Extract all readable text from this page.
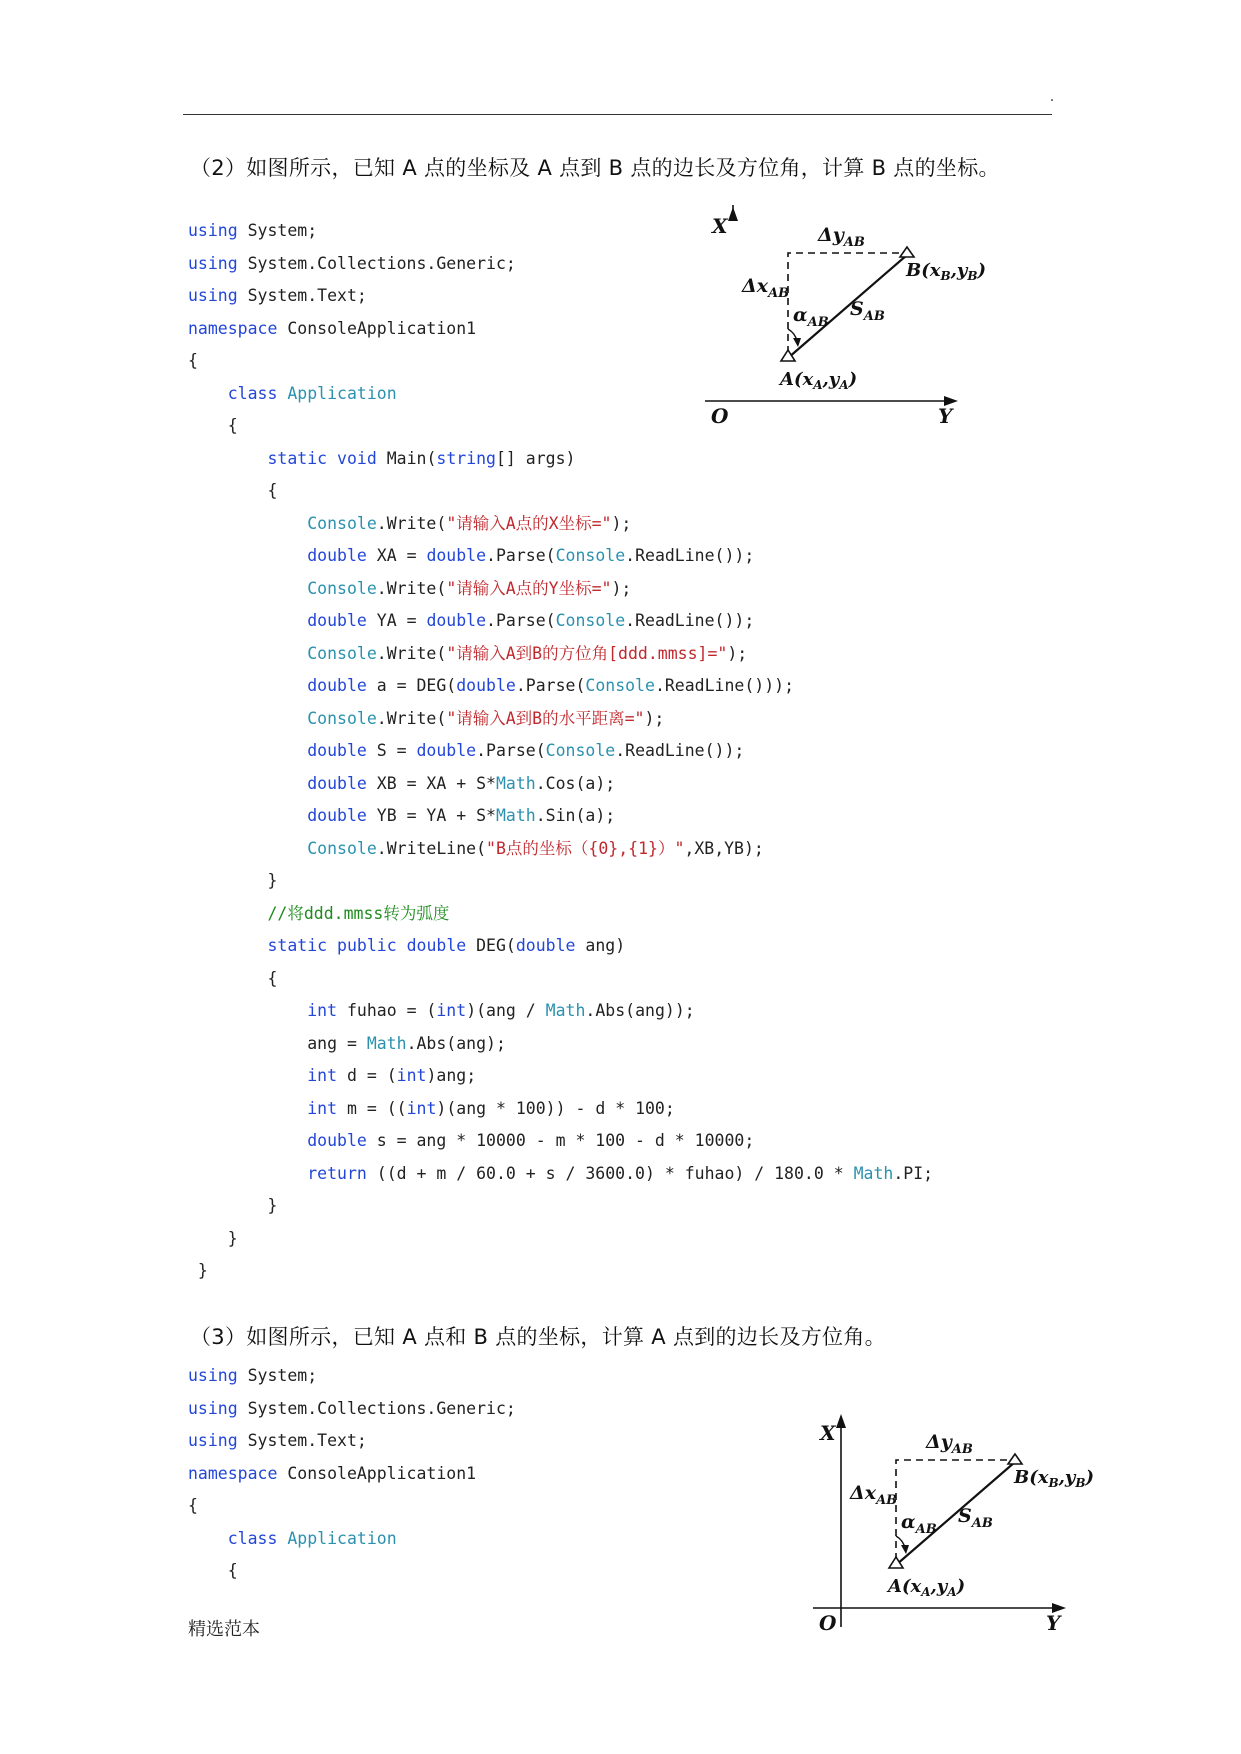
.
（2）如图所示，已知 A 点的坐标及 A 点到 B 点的边长及方位角，计算 B 点的坐标。
using System;
using System.Collections.Generic;
using System.Text;
namespace ConsoleApplication1
{
class Application
{
static void Main(string[] args)
{
Console.Write("请输入A点的X坐标=");
double XA = double.Parse(Console.ReadLine());
Console.Write("请输入A点的Y坐标=");
double YA = double.Parse(Console.ReadLine());
Console.Write("请输入A到B的方位角[ddd.mmss]=");
double a = DEG(double.Parse(Console.ReadLine()));
Console.Write("请输入A到B的水平距离=");
double S = double.Parse(Console.ReadLine());
double XB = XA + S*Math.Cos(a);
double YB = YA + S*Math.Sin(a);
Console.WriteLine("B点的坐标（{0},{1}）",XB,YB);
}
//将ddd.mmss转为弧度
static public double DEG(double ang)
{
int fuhao = (int)(ang / Math.Abs(ang));
ang = Math.Abs(ang);
int d = (int)ang;
int m = ((int)(ang * 100)) - d * 100;
double s = ang * 10000 - m * 100 - d * 10000;
return ((d + m / 60.0 + s / 3600.0) * fuhao) / 180.0 * Math.PI;
}
}
}
（3）如图所示，已知 A 点和 B 点的坐标，计算 A 点到的边长及方位角。
using System;
using System.Collections.Generic;
using System.Text;
namespace ConsoleApplication1
{
class Application
{
X
Y
O
$\Delta y_{AB}$
$\Delta x_{AB}$
$\alpha_{AB}$
$S_{AB}$
$B(x_B,y_B)$
$A(x_A,y_A)$
X
Y
O
$\Delta y_{AB}$
$\Delta x_{AB}$
$\alpha_{AB}$
$S_{AB}$
$B(x_B,y_B)$
$A(x_A,y_A)$
精选范本
